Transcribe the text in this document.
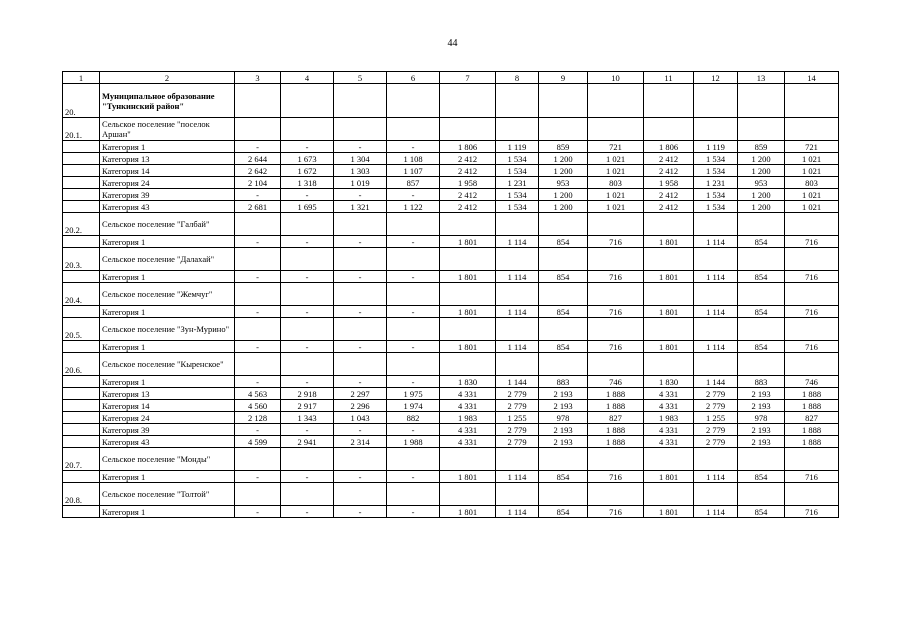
44
1	2	3	4	5	6	7	8	9	10	11	12	13	14
20.	Муниципальное образование "Тункинский район"												
20.1.	Сельское поселение "поселок Аршан"												
	Категория 1	-	-	-	-	1 806	1 119	859	721	1 806	1 119	859	721
	Категория 13	2 644	1 673	1 304	1 108	2 412	1 534	1 200	1 021	2 412	1 534	1 200	1 021
	Категория 14	2 642	1 672	1 303	1 107	2 412	1 534	1 200	1 021	2 412	1 534	1 200	1 021
	Категория 24	2 104	1 318	1 019	857	1 958	1 231	953	803	1 958	1 231	953	803
	Категория 39	-	-	-	-	2 412	1 534	1 200	1 021	2 412	1 534	1 200	1 021
	Категория 43	2 681	1 695	1 321	1 122	2 412	1 534	1 200	1 021	2 412	1 534	1 200	1 021
20.2.	Сельское поселение "Галбай"												
	Категория 1	-	-	-	-	1 801	1 114	854	716	1 801	1 114	854	716
20.3.	Сельское поселение "Далахай"												
	Категория 1	-	-	-	-	1 801	1 114	854	716	1 801	1 114	854	716
20.4.	Сельское поселение "Жемчуг"												
	Категория 1	-	-	-	-	1 801	1 114	854	716	1 801	1 114	854	716
20.5.	Сельское поселение "Зун-Мурино"												
	Категория 1	-	-	-	-	1 801	1 114	854	716	1 801	1 114	854	716
20.6.	Сельское поселение "Кыренское"												
	Категория 1	-	-	-	-	1 830	1 144	883	746	1 830	1 144	883	746
	Категория 13	4 563	2 918	2 297	1 975	4 331	2 779	2 193	1 888	4 331	2 779	2 193	1 888
	Категория 14	4 560	2 917	2 296	1 974	4 331	2 779	2 193	1 888	4 331	2 779	2 193	1 888
	Категория 24	2 128	1 343	1 043	882	1 983	1 255	978	827	1 983	1 255	978	827
	Категория 39	-	-	-	-	4 331	2 779	2 193	1 888	4 331	2 779	2 193	1 888
	Категория 43	4 599	2 941	2 314	1 988	4 331	2 779	2 193	1 888	4 331	2 779	2 193	1 888
20.7.	Сельское поселение "Монды"												
	Категория 1	-	-	-	-	1 801	1 114	854	716	1 801	1 114	854	716
20.8.	Сельское поселение "Толтой"												
	Категория 1	-	-	-	-	1 801	1 114	854	716	1 801	1 114	854	716
